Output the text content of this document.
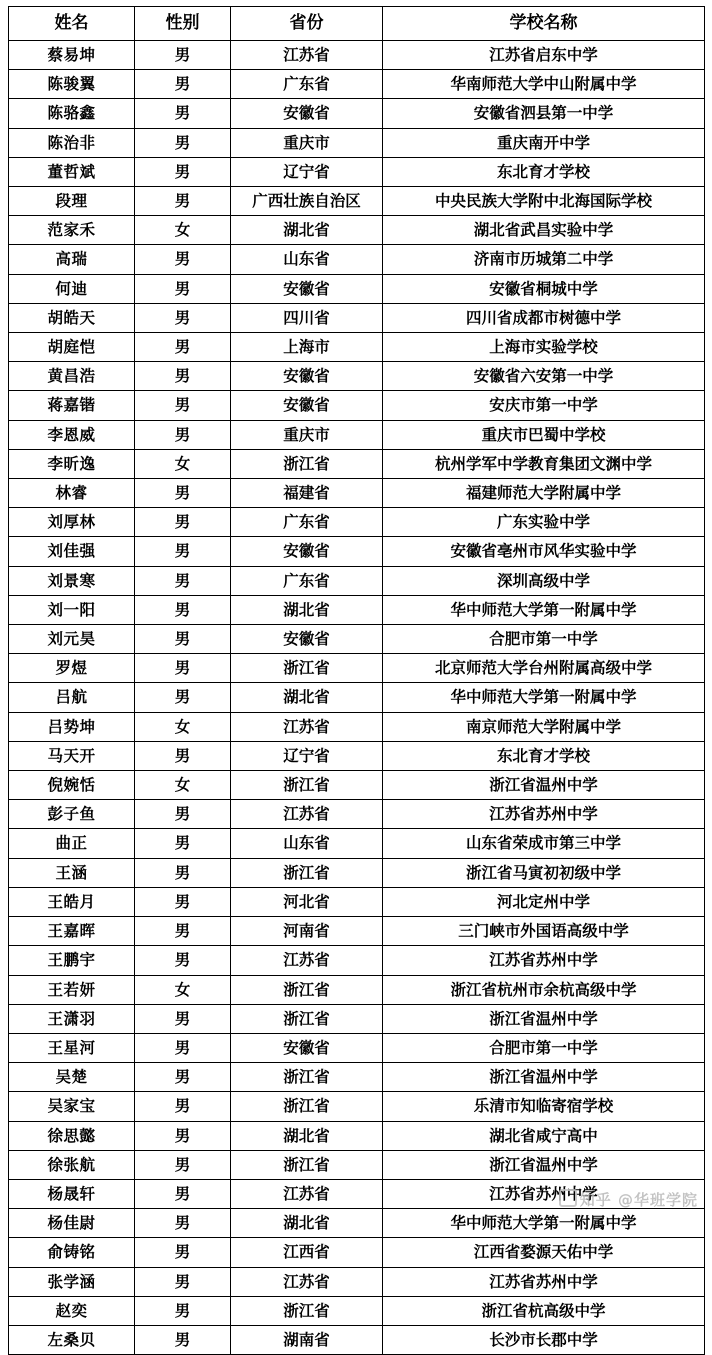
姓名	性别	省份	学校名称
蔡易坤	男	江苏省	江苏省启东中学
陈骏翼	男	广东省	华南师范大学中山附属中学
陈骆鑫	男	安徽省	安徽省泗县第一中学
陈治非	男	重庆市	重庆南开中学
董哲斌	男	辽宁省	东北育才学校
段理	男	广西壮族自治区	中央民族大学附中北海国际学校
范家禾	女	湖北省	湖北省武昌实验中学
高瑞	男	山东省	济南市历城第二中学
何迪	男	安徽省	安徽省桐城中学
胡皓天	男	四川省	四川省成都市树德中学
胡庭恺	男	上海市	上海市实验学校
黄昌浩	男	安徽省	安徽省六安第一中学
蒋嘉锴	男	安徽省	安庆市第一中学
李恩威	男	重庆市	重庆市巴蜀中学校
李昕逸	女	浙江省	杭州学军中学教育集团文渊中学
林睿	男	福建省	福建师范大学附属中学
刘厚林	男	广东省	广东实验中学
刘佳强	男	安徽省	安徽省亳州市风华实验中学
刘景寒	男	广东省	深圳高级中学
刘一阳	男	湖北省	华中师范大学第一附属中学
刘元昊	男	安徽省	合肥市第一中学
罗煜	男	浙江省	北京师范大学台州附属高级中学
吕航	男	湖北省	华中师范大学第一附属中学
吕势坤	女	江苏省	南京师范大学附属中学
马天开	男	辽宁省	东北育才学校
倪婉恬	女	浙江省	浙江省温州中学
彭子鱼	男	江苏省	江苏省苏州中学
曲正	男	山东省	山东省荣成市第三中学
王涵	男	浙江省	浙江省马寅初初级中学
王皓月	男	河北省	河北定州中学
王嘉晖	男	河南省	三门峡市外国语高级中学
王鹏宇	男	江苏省	江苏省苏州中学
王若妍	女	浙江省	浙江省杭州市余杭高级中学
王潇羽	男	浙江省	浙江省温州中学
王星河	男	安徽省	合肥市第一中学
吴楚	男	浙江省	浙江省温州中学
吴家宝	男	浙江省	乐清市知临寄宿学校
徐思懿	男	湖北省	湖北省咸宁高中
徐张航	男	浙江省	浙江省温州中学
杨晟轩	男	江苏省	江苏省苏州中学
杨佳尉	男	湖北省	华中师范大学第一附属中学
俞铸铭	男	江西省	江西省婺源天佑中学
张学涵	男	江苏省	江苏省苏州中学
赵奕	男	浙江省	浙江省杭高级中学
左桑贝	男	湖南省	长沙市长郡中学
知乎 @华班学院
